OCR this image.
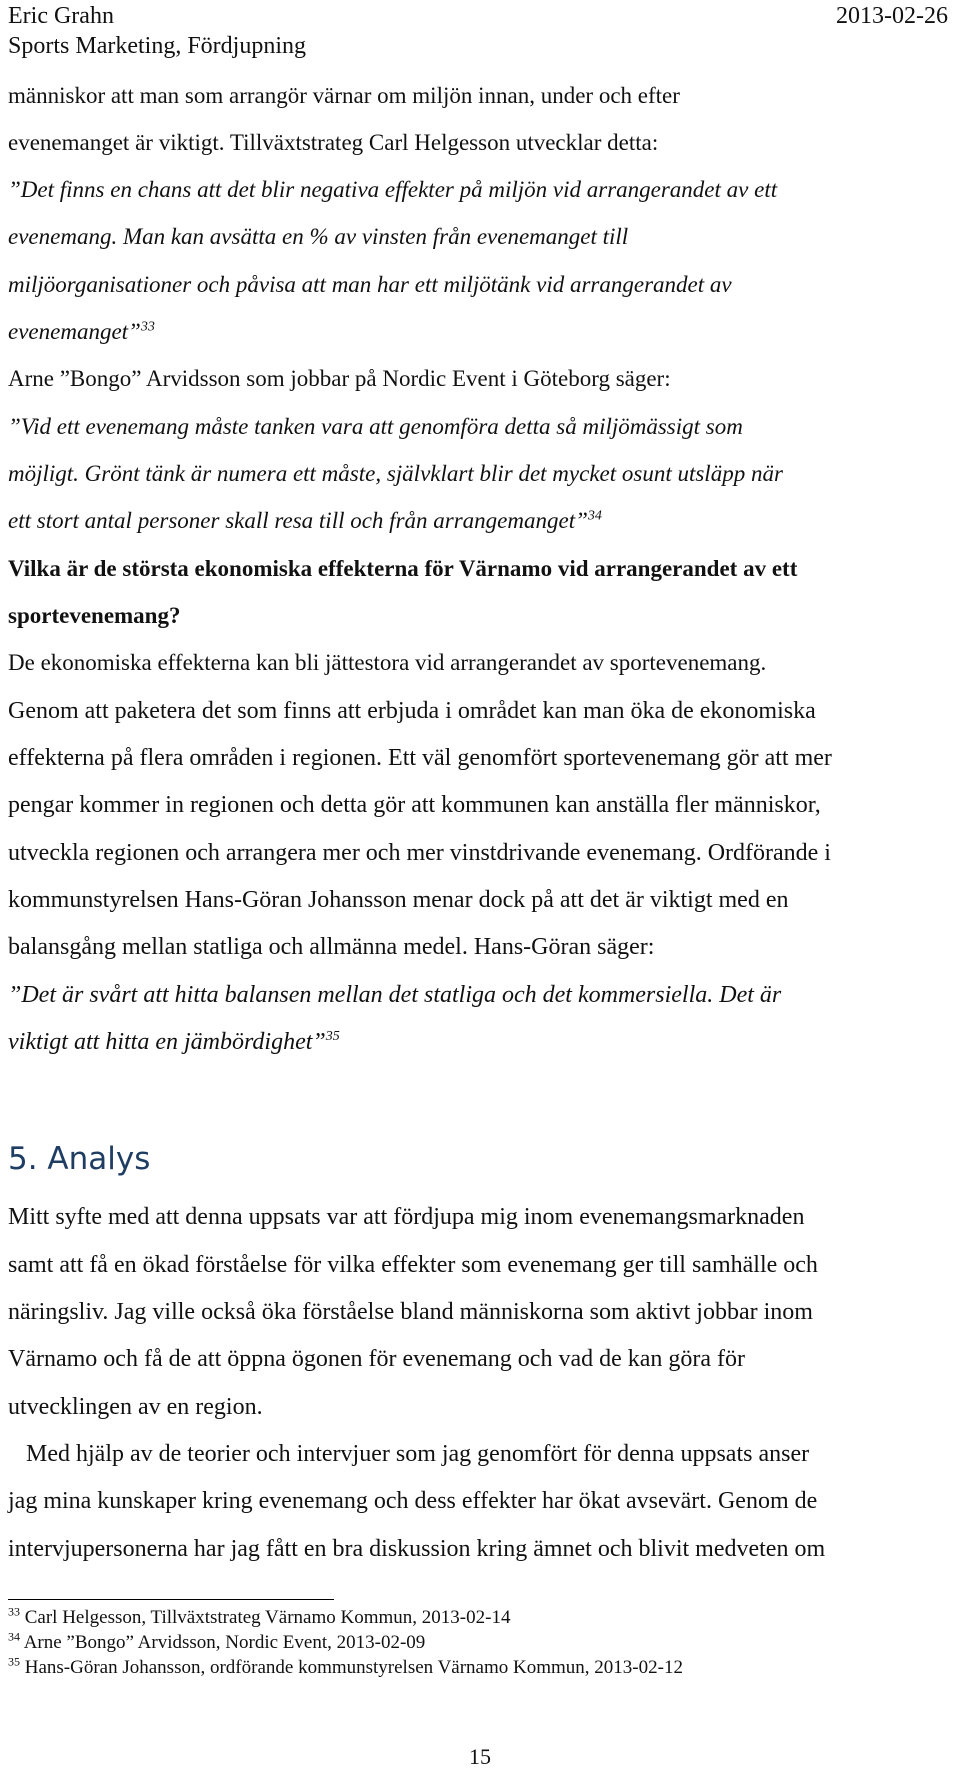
Eric Grahn
Sports Marketing, Fördjupning
2013-02-26
människor att man som arrangör värnar om miljön innan, under och efter
evenemanget är viktigt. Tillväxtstrateg Carl Helgesson utvecklar detta:
”Det finns en chans att det blir negativa effekter på miljön vid arrangerandet av ett
evenemang. Man kan avsätta en % av vinsten från evenemanget till
miljöorganisationer och påvisa att man har ett miljötänk vid arrangerandet av
evenemanget”$^{33}$
Arne ”Bongo” Arvidsson som jobbar på Nordic Event i Göteborg säger:
”Vid ett evenemang måste tanken vara att genomföra detta så miljömässigt som
möjligt. Grönt tänk är numera ett måste, självklart blir det mycket osunt utsläpp när
ett stort antal personer skall resa till och från arrangemanget”$^{34}$
Vilka är de största ekonomiska effekterna för Värnamo vid arrangerandet av ett
sportevenemang?
De ekonomiska effekterna kan bli jättestora vid arrangerandet av sportevenemang.
Genom att paketera det som finns att erbjuda i området kan man öka de ekonomiska
effekterna på flera områden i regionen. Ett väl genomfört sportevenemang gör att mer
pengar kommer in regionen och detta gör att kommunen kan anställa fler människor,
utveckla regionen och arrangera mer och mer vinstdrivande evenemang. Ordförande i
kommunstyrelsen Hans-Göran Johansson menar dock på att det är viktigt med en
balansgång mellan statliga och allmänna medel. Hans-Göran säger:
”Det är svårt att hitta balansen mellan det statliga och det kommersiella. Det är
viktigt att hitta en jämbördighet”$^{35}$
5. Analys
Mitt syfte med att denna uppsats var att fördjupa mig inom evenemangsmarknaden
samt att få en ökad förståelse för vilka effekter som evenemang ger till samhälle och
näringsliv. Jag ville också öka förståelse bland människorna som aktivt jobbar inom
Värnamo och få de att öppna ögonen för evenemang och vad de kan göra för
utvecklingen av en region.
Med hjälp av de teorier och intervjuer som jag genomfört för denna uppsats anser
jag mina kunskaper kring evenemang och dess effekter har ökat avsevärt. Genom de
intervjupersonerna har jag fått en bra diskussion kring ämnet och blivit medveten om
$^{33}$ Carl Helgesson, Tillväxtstrateg Värnamo Kommun, 2013-02-14
$^{34}$ Arne ”Bongo” Arvidsson, Nordic Event, 2013-02-09
$^{35}$ Hans-Göran Johansson, ordförande kommunstyrelsen Värnamo Kommun, 2013-02-12
15
